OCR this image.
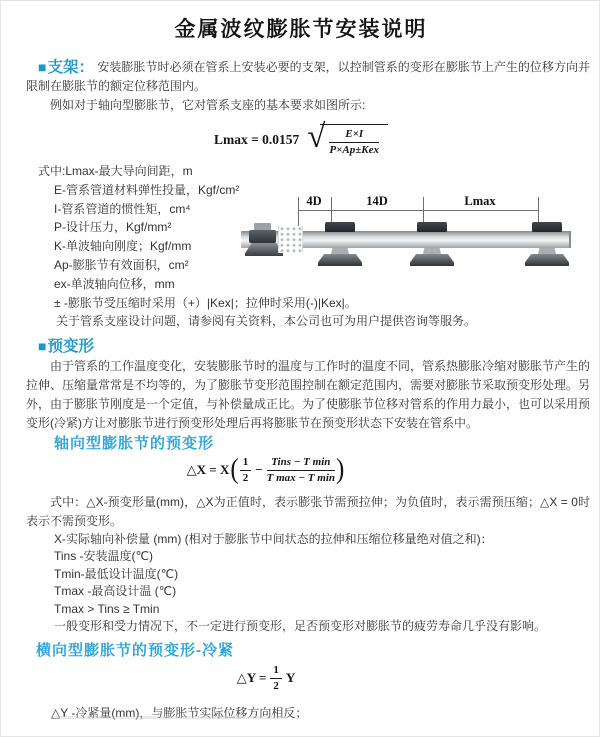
金属波纹膨胀节安装说明

■支架： 安装膨胀节时必须在管系上安装必要的支架，以控制管系的变形在膨胀节上产生的位移方向并限制在膨胀节的额定位移范围内。

例如对于轴向型膨胀节，它对管系支座的基本要求如图所示:

Lmax = 0.0157 √ $\frac{E\times I}{\text{P×Ap±Kex}}$
式中:Lmax-最大导向间距，m
E-管系管道材料弹性投量，Kgf/cm²
I-管系管道的惯性矩，cm⁴
P-设计压力，Kgf/mm²
K-单波轴向刚度；Kgf/mm
Ap-膨胀节有效面积，cm²
ex-单波轴向位移，mm
± -膨胀节受压缩时采用（+）|Kex|；拉伸时采用(-)|Kex|。
关于管系支座设计问题，请参阅有关资料，本公司也可为用户提供咨询等服务。
4D	14D	Lmax
■预变形

由于管系的工作温度变化，安装膨胀节时的温度与工作时的温度不同，管系热膨胀冷缩对膨胀节产生的拉伸、压缩量常常是不均等的，为了膨胀节变形范围控制在额定范围内，需要对膨胀节采取预变形处理。另外，由于膨胀节刚度是一个定值，与补偿量成正比。为了使膨胀节位移对管系的作用力最小，也可以采用预变形(冷紧)方让对膨胀节进行预变形处理后再将膨胀节在预变形状态下安装在管系中。

轴向型膨胀节的预变形
△X = X ( $\frac{1}{2} - \frac{\text{Tins − T min}}{\text{T max − T min}}$ )

式中：△X-预变形量(mm)，△X为正值时，表示膨张节需预拉伸；为负值时，表示需预压缩；△X = 0时表示不需预变形。

X-实际轴向补偿量 (mm) (相对于膨胀节中间状态的拉伸和压缩位移量绝对值之和)：
Tins -安装温度(℃)
Tmin-最低设计温度(℃)
Tmax -最高设计温 (℃)
Tmax > Tins ≥ Tmin
一般变形和受力情况下，不一定进行预变形，足否预变形对膨胀节的疲劳寿命几乎没有影响。
横向型膨胀节的预变形-冷紧
△Y = $\frac{1}{2}$ Y

△Y -冷紧量(mm)，与膨胀节实际位移方向相反；
